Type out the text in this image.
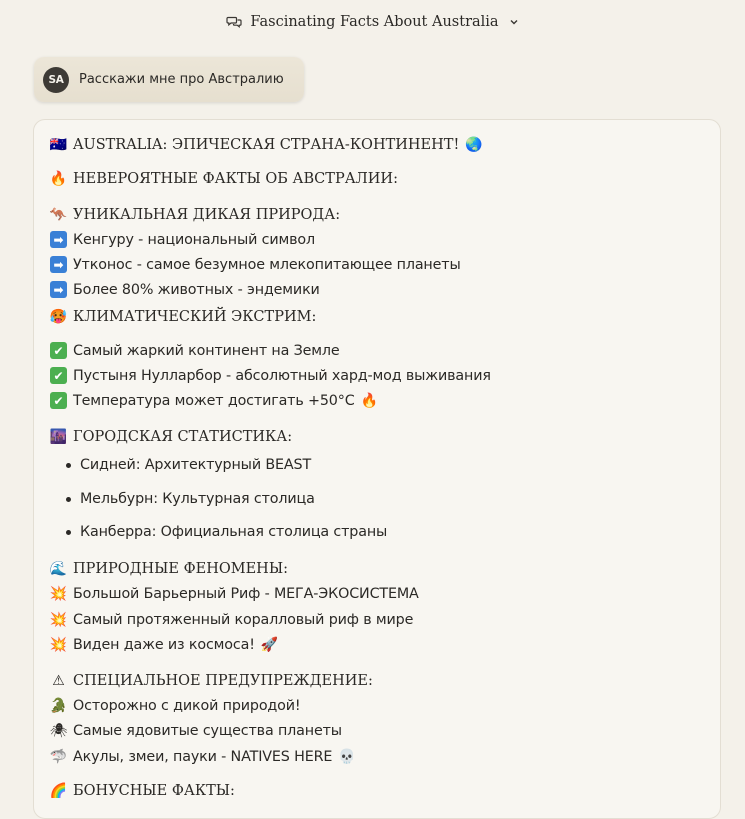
Fascinating Facts About Australia
SA	Расскажи мне про Австралию
🇦🇺 AUSTRALIA: ЭПИЧЕСКАЯ СТРАНА-КОНТИНЕНТ! 🌏
🔥 НЕВЕРОЯТНЫЕ ФАКТЫ ОБ АВСТРАЛИИ:
🦘 УНИКАЛЬНАЯ ДИКАЯ ПРИРОДА:
➡ Кенгуру - национальный символ
➡ Утконос - самое безумное млекопитающее планеты
➡ Более 80% животных - эндемики
🥵 КЛИМАТИЧЕСКИЙ ЭКСТРИМ:
✔ Самый жаркий континент на Земле
✔ Пустыня Нулларбор - абсолютный хард-мод выживания
✔ Температура может достигать +50°C 🔥
🌆 ГОРОДСКАЯ СТАТИСТИКА:
Сидней: Архитектурный BEAST
Мельбурн: Культурная столица
Канберра: Официальная столица страны
🌊 ПРИРОДНЫЕ ФЕНОМЕНЫ:
💥 Большой Барьерный Риф - МЕГА-ЭКОСИСТЕМА
💥 Самый протяженный коралловый риф в мире
💥 Виден даже из космоса! 🚀
⚠ СПЕЦИАЛЬНОЕ ПРЕДУПРЕЖДЕНИЕ:
🐊 Осторожно с дикой природой!
🕷 Самые ядовитые существа планеты
🦈 Акулы, змеи, пауки - NATIVES HERE 💀
🌈 БОНУСНЫЕ ФАКТЫ:
